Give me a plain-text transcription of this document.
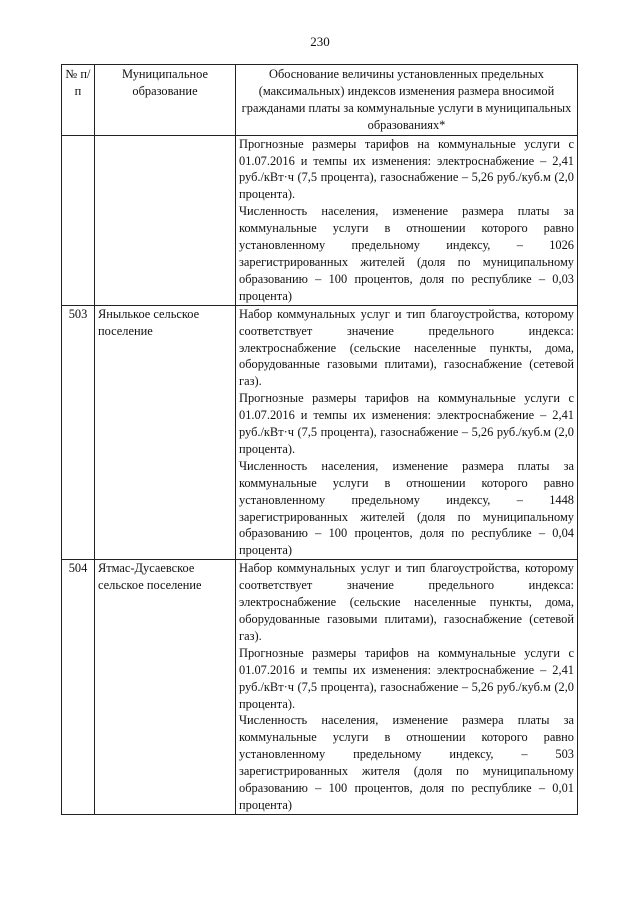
230
№ п/п	Муниципальное образование	Обоснование величины установленных предельных (максимальных) индексов изменения размера вносимой гражданами платы за коммунальные услуги в муниципальных образованиях*

		Прогнозные размеры тарифов на коммунальные услуги с 01.07.2016 и темпы их изменения: электроснабжение – 2,41 руб./кВт·ч (7,5 процента), газоснабжение – 5,26 руб./куб.м (2,0 процента).
Численность населения, изменение размера платы за коммунальные услуги в отношении которого равно установленному предельному индексу, – 1026 зарегистрированных жителей (доля по муниципальному образованию – 100 процентов, доля по республике – 0,03 процента)

503	Янылькое сельское поселение	Набор коммунальных услуг и тип благоустройства, которому соответствует значение предельного индекса: электроснабжение (сельские населенные пункты, дома, оборудованные газовыми плитами), газоснабжение (сетевой газ).
Прогнозные размеры тарифов на коммунальные услуги с 01.07.2016 и темпы их изменения: электроснабжение – 2,41 руб./кВт·ч (7,5 процента), газоснабжение – 5,26 руб./куб.м (2,0 процента).
Численность населения, изменение размера платы за коммунальные услуги в отношении которого равно установленному предельному индексу, – 1448 зарегистрированных жителей (доля по муниципальному образованию – 100 процентов, доля по республике – 0,04 процента)

504	Ятмас-Дусаевское сельское поселение	Набор коммунальных услуг и тип благоустройства, которому соответствует значение предельного индекса: электроснабжение (сельские населенные пункты, дома, оборудованные газовыми плитами), газоснабжение (сетевой газ).
Прогнозные размеры тарифов на коммунальные услуги с 01.07.2016 и темпы их изменения: электроснабжение – 2,41 руб./кВт·ч (7,5 процента), газоснабжение – 5,26 руб./куб.м (2,0 процента).
Численность населения, изменение размера платы за коммунальные услуги в отношении которого равно установленному предельному индексу, – 503 зарегистрированных жителя (доля по муниципальному образованию – 100 процентов, доля по республике – 0,01 процента)
